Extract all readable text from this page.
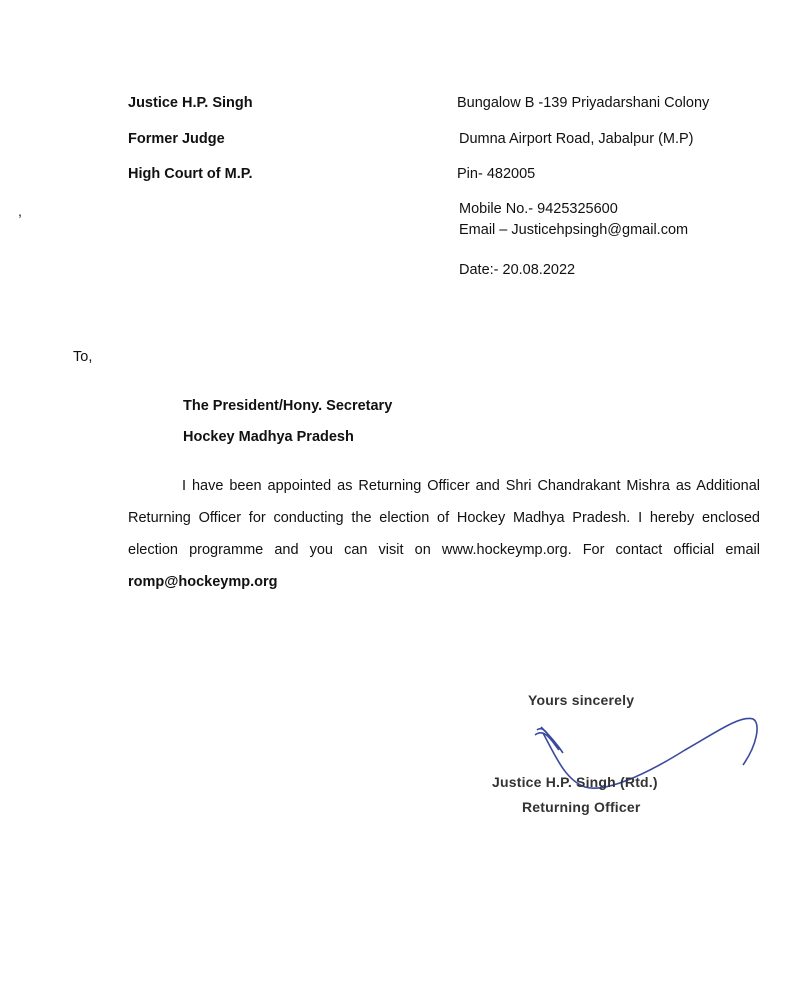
Justice H.P. Singh
Former Judge
High Court of M.P.
Bungalow B -139 Priyadarshani Colony
Dumna Airport Road, Jabalpur (M.P)
Pin- 482005
Mobile No.- 9425325600
Email – Justicehpsingh@gmail.com
Date:- 20.08.2022
,
To,
The President/Hony. Secretary
Hockey Madhya Pradesh
I have been appointed as Returning Officer and Shri Chandrakant Mishra as Additional Returning Officer for conducting the election of Hockey Madhya Pradesh. I hereby enclosed election programme and you can visit on www.hockeymp.org. For contact official email romp@hockeymp.org
Yours sincerely
Justice H.P. Singh (Rtd.)
Returning Officer
